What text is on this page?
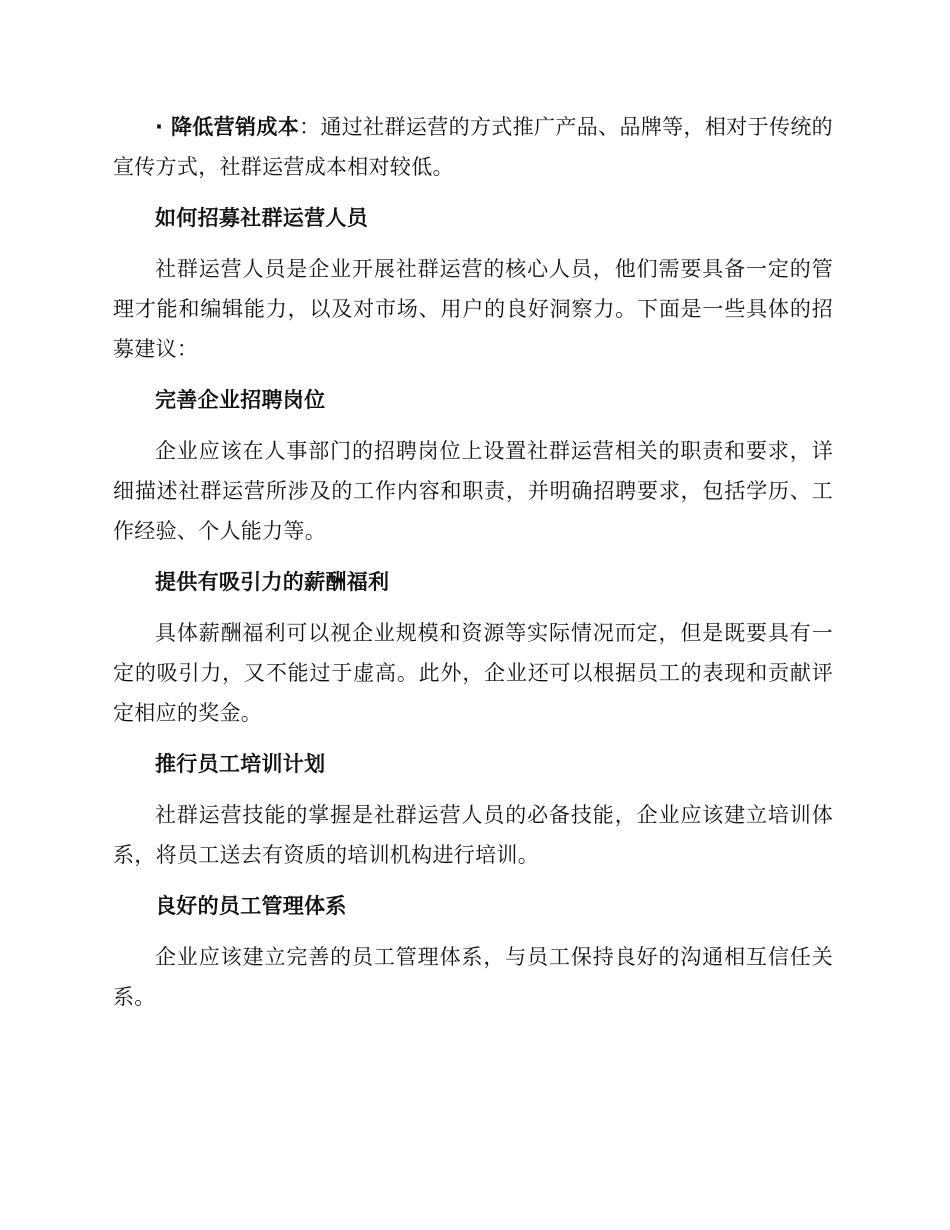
· 降低营销成本：通过社群运营的方式推广产品、品牌等，相对于传统的宣传方式，社群运营成本相对较低。

如何招募社群运营人员

社群运营人员是企业开展社群运营的核心人员，他们需要具备一定的管理才能和编辑能力，以及对市场、用户的良好洞察力。下面是一些具体的招募建议：

完善企业招聘岗位

企业应该在人事部门的招聘岗位上设置社群运营相关的职责和要求，详细描述社群运营所涉及的工作内容和职责，并明确招聘要求，包括学历、工作经验、个人能力等。

提供有吸引力的薪酬福利

具体薪酬福利可以视企业规模和资源等实际情况而定，但是既要具有一定的吸引力，又不能过于虚高。此外，企业还可以根据员工的表现和贡献评定相应的奖金。

推行员工培训计划

社群运营技能的掌握是社群运营人员的必备技能，企业应该建立培训体系，将员工送去有资质的培训机构进行培训。

良好的员工管理体系

企业应该建立完善的员工管理体系，与员工保持良好的沟通相互信任关系。
